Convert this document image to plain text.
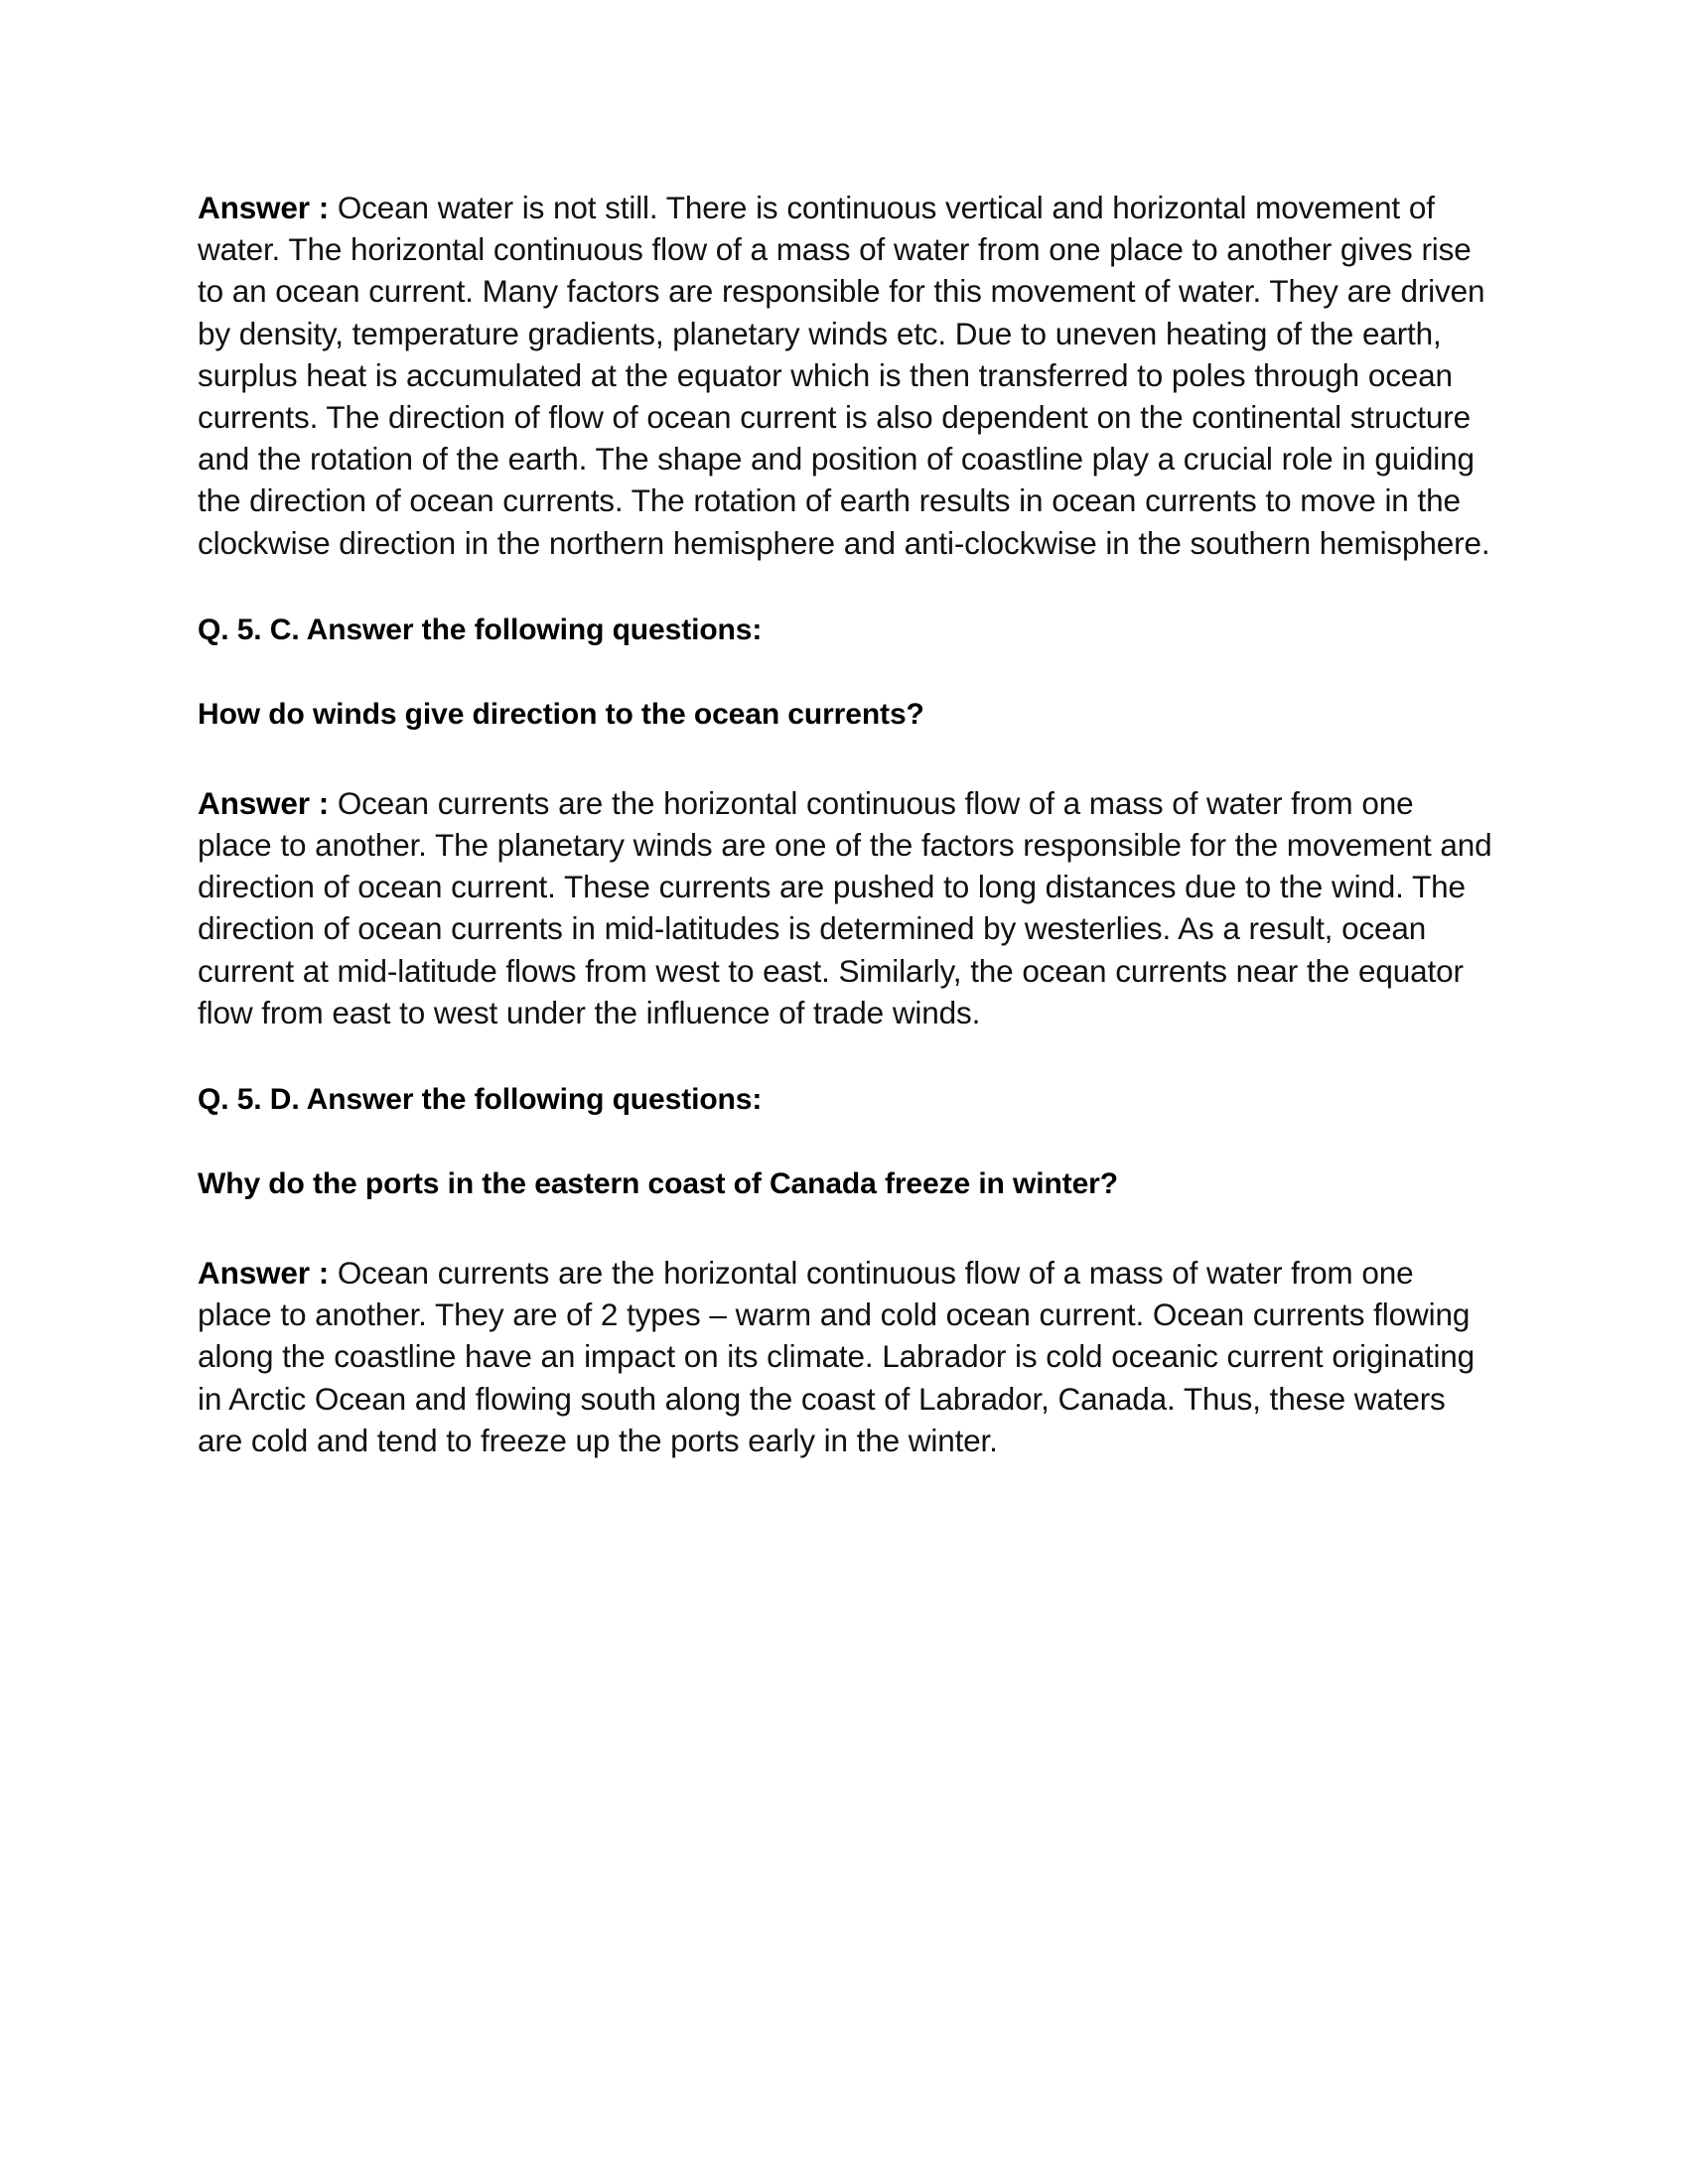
Answer : Ocean water is not still. There is continuous vertical and horizontal movement of water. The horizontal continuous flow of a mass of water from one place to another gives rise to an ocean current. Many factors are responsible for this movement of water. They are driven by density, temperature gradients, planetary winds etc. Due to uneven heating of the earth, surplus heat is accumulated at the equator which is then transferred to poles through ocean currents. The direction of flow of ocean current is also dependent on the continental structure and the rotation of the earth. The shape and position of coastline play a crucial role in guiding the direction of ocean currents. The rotation of earth results in ocean currents to move in the clockwise direction in the northern hemisphere and anti-clockwise in the southern hemisphere.

Q. 5. C. Answer the following questions:

How do winds give direction to the ocean currents?

Answer : Ocean currents are the horizontal continuous flow of a mass of water from one place to another. The planetary winds are one of the factors responsible for the movement and direction of ocean current. These currents are pushed to long distances due to the wind. The direction of ocean currents in mid-latitudes is determined by westerlies. As a result, ocean current at mid-latitude flows from west to east. Similarly, the ocean currents near the equator flow from east to west under the influence of trade winds.

Q. 5. D. Answer the following questions:

Why do the ports in the eastern coast of Canada freeze in winter?

Answer : Ocean currents are the horizontal continuous flow of a mass of water from one place to another. They are of 2 types – warm and cold ocean current. Ocean currents flowing along the coastline have an impact on its climate. Labrador is cold oceanic current originating in Arctic Ocean and flowing south along the coast of Labrador, Canada. Thus, these waters are cold and tend to freeze up the ports early in the winter.
